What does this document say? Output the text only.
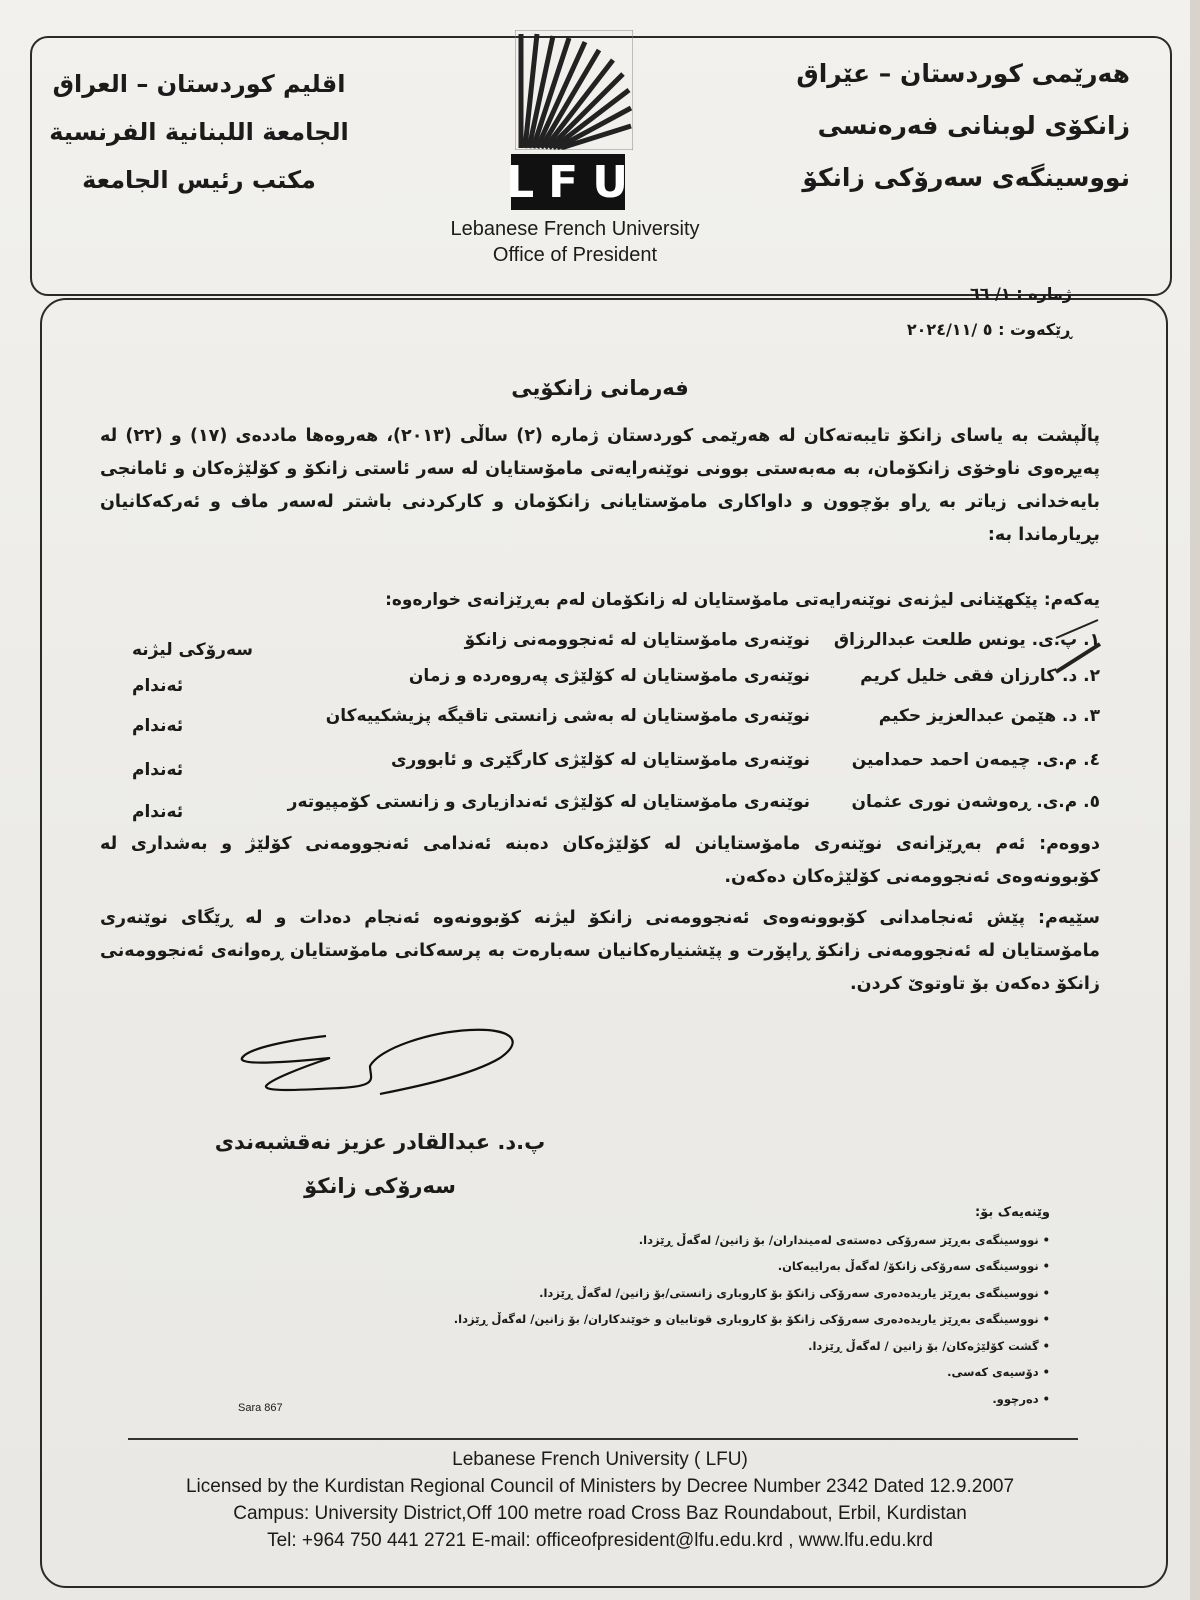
اقليم كوردستان – العراق
الجامعة اللبنانية الفرنسية
مكتب رئيس الجامعة
هەرێمی کوردستان – عێراق
زانکۆی لوبنانی فەرەنسی
نووسینگەی سەرۆکی زانکۆ
LFU
Lebanese French University
Office of President
ژمارە : ١/ ٦٦
ڕێکەوت : ٥ /٢٠٢٤/١١
فەرمانی زانکۆیی
پاڵپشت بە یاسای زانکۆ تایبەتەکان لە هەرێمی کوردستان ژمارە (٢) ساڵی (٢٠١٣)، هەروەها ماددەی (١٧) و (٢٢) لە پەیڕەوی ناوخۆی زانکۆمان، بە مەبەستی بوونی نوێنەرایەتی مامۆستایان لە سەر ئاستی زانکۆ و کۆلێژەکان و ئامانجی بایەخدانی زیاتر بە ڕاو بۆچوون و داواکاری مامۆستایانی زانکۆمان و کارکردنی باشتر لەسەر ماف و ئەرکەکانیان بڕیارماندا بە:
یەکەم: پێکهێنانی لیژنەی نوێنەرایەتی مامۆستایان لە زانکۆمان لەم بەڕێزانەی خوارەوە:
١. پ.ی. یونس طلعت عبدالرزاق
نوێنەری مامۆستایان لە ئەنجوومەنی زانکۆ
سەرۆکی لیژنە
٢. د. کارزان فقی خلیل کریم
نوێنەری مامۆستایان لە کۆلێژی پەروەردە و زمان
ئەندام
٣. د. هێمن عبدالعزیز حکیم
نوێنەری مامۆستایان لە بەشی زانستی تاقیگە پزیشکییەکان
ئەندام
٤. م.ی. چیمەن احمد حمدامین
نوێنەری مامۆستایان لە کۆلێژی کارگێری و ئابووری
ئەندام
٥. م.ی. ڕەوشەن نوری عثمان
نوێنەری مامۆستایان لە کۆلێژی ئەندازیاری و زانستی کۆمپیوتەر
ئەندام
دووەم: ئەم بەڕێزانەی نوێنەری مامۆستایانن لە کۆلێژەکان دەبنە ئەندامی ئەنجوومەنی کۆلێژ و بەشداری لە کۆبوونەوەی ئەنجوومەنی کۆلێژەکان دەکەن.
سێیەم: پێش ئەنجامدانی کۆبوونەوەی ئەنجوومەنی زانکۆ لیژنە کۆبوونەوە ئەنجام دەدات و لە ڕێگای نوێنەری مامۆستایان لە ئەنجوومەنی زانکۆ ڕاپۆرت و پێشنیارەکانیان سەبارەت بە پرسەکانی مامۆستایان ڕەوانەی ئەنجوومەنی زانکۆ دەکەن بۆ تاوتوێ کردن.
پ.د. عبدالقادر عزیز نەقشبەندی
سەرۆکی زانکۆ
وێنەیەک بۆ:
• نووسینگەی بەڕێز سەرۆکی دەستەی لەمیندارا‌ن/ بۆ زانین/ لەگەڵ ڕێزدا.
• نووسینگەی سەرۆکی زانکۆ/ لەگەڵ بەراییەکان.
• نووسینگەی بەڕێز یاریدەدەری سەرۆکی زانکۆ بۆ کاروباری زانستی/بۆ زانین/ لەگەڵ ڕێزدا.
• نووسینگەی بەڕێز یاریدەدەری سەرۆکی زانکۆ بۆ کاروباری قوتابیان و خوێندکاران/ بۆ زانین/ لەگەڵ ڕێزدا.
• گشت کۆلێژەکان/ بۆ زانین / لەگەڵ ڕێزدا.
• دۆسیەی کەسی.
• دەرچوو.
Sara 867
Lebanese French University ( LFU)
Licensed by the Kurdistan Regional Council of Ministers by Decree Number 2342 Dated 12.9.2007
Campus: University District,Off 100 metre road Cross Baz Roundabout, Erbil, Kurdistan
Tel: +964 750 441 2721 E-mail: officeofpresident@lfu.edu.krd , www.lfu.edu.krd
